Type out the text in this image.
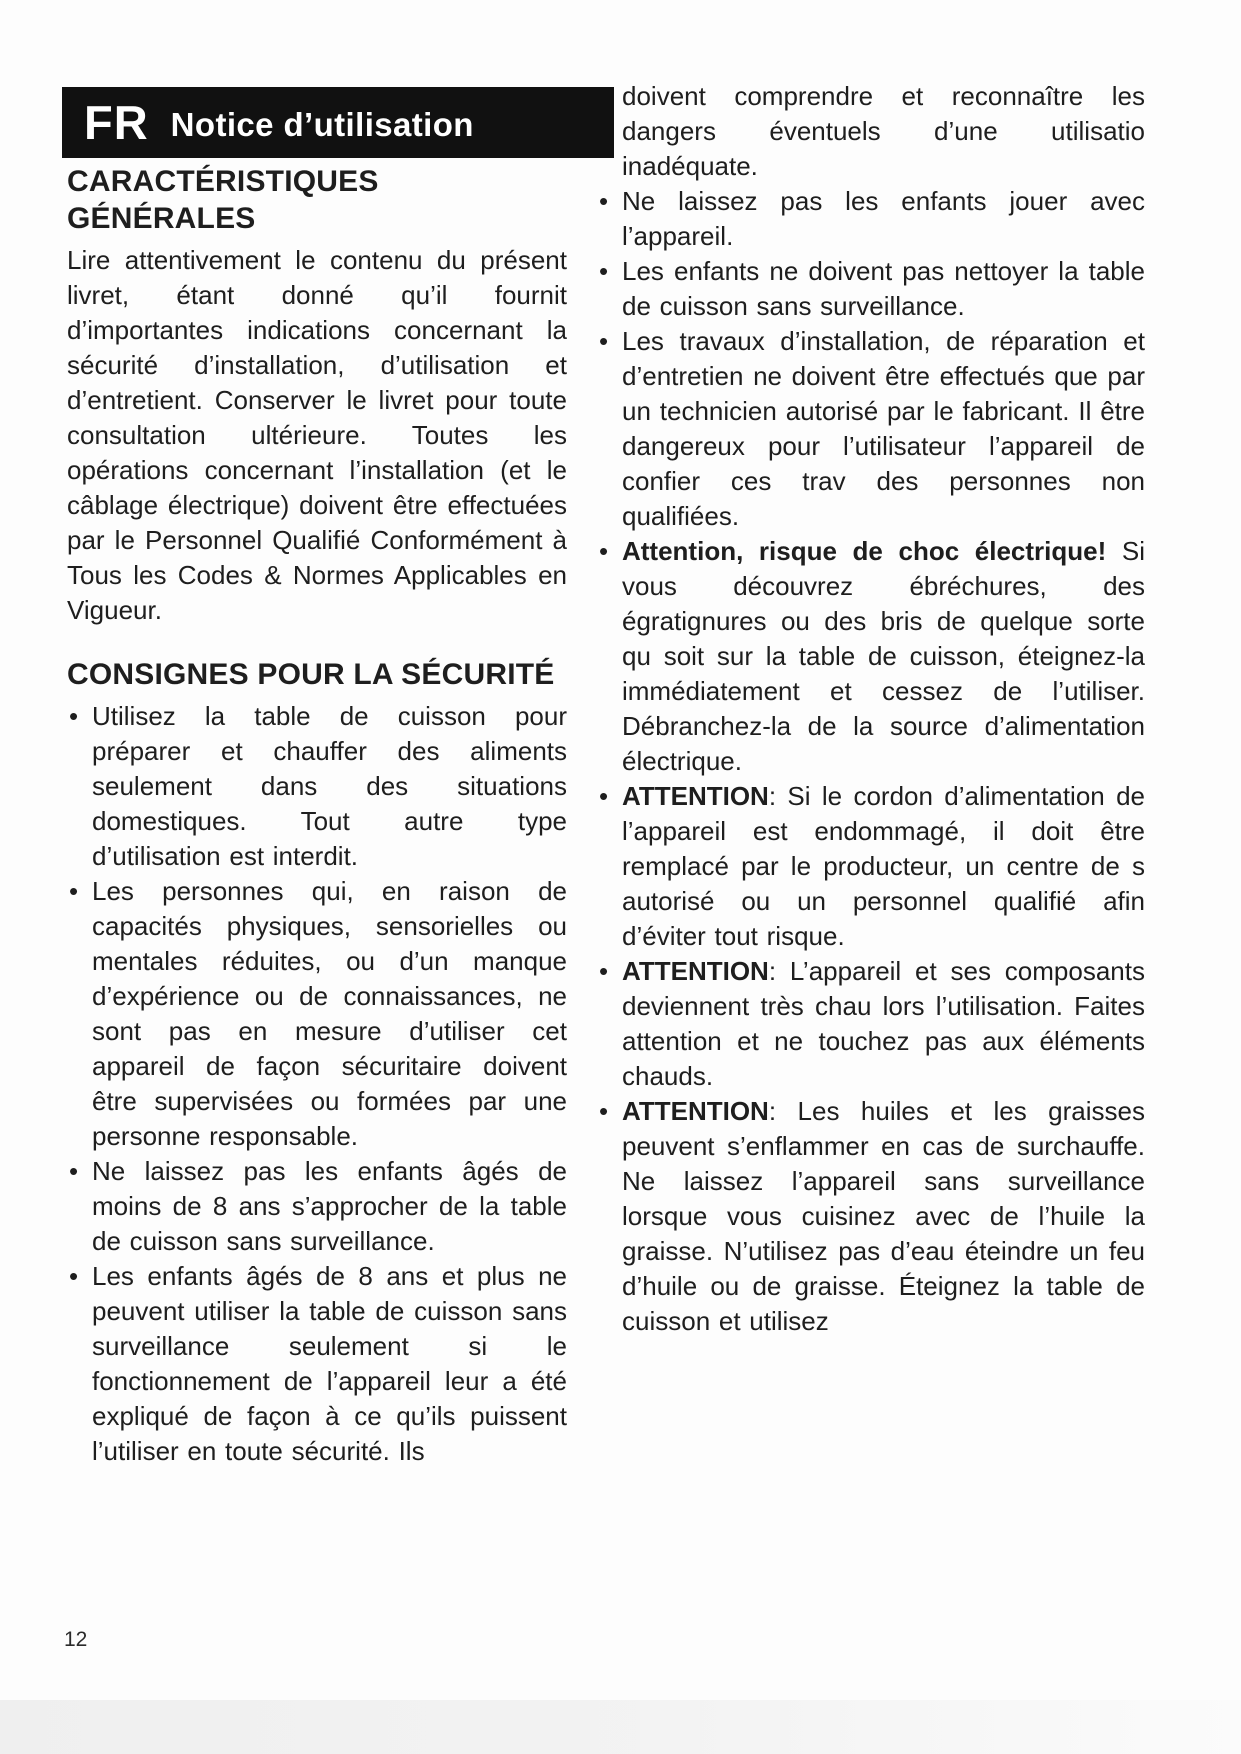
FR Notice d’utilisation
CARACTÉRISTIQUES GÉNÉRALES
Lire attentivement le contenu du présent livret, étant donné qu’il fournit d’importantes indications concernant la sécurité d’installation, d’utilisation et d’entretient. Conserver le livret pour toute consultation ultérieure. Toutes les opérations concernant l’installation (et le câblage électrique) doivent être effectuées par le Personnel Qualifié Conformément à Tous les Codes & Normes Applicables en Vigueur.
CONSIGNES POUR LA SÉCURITÉ
• Utilisez la table de cuisson pour préparer et chauffer des aliments seulement dans des situations domestiques. Tout autre type d’utilisation est interdit.
• Les personnes qui, en raison de capacités physiques, sensorielles ou mentales réduites, ou d’un manque d’expérience ou de connaissances, ne sont pas en mesure d’utiliser cet appareil de façon sécuritaire doivent être supervisées ou formées par une personne responsable.
• Ne laissez pas les enfants âgés de moins de 8 ans s’approcher de la table de cuisson sans surveillance.
• Les enfants âgés de 8 ans et plus ne peuvent utiliser la table de cuisson sans surveillance seulement si le fonctionnement de l’appareil leur a été expliqué de façon à ce qu’ils puissent l’utiliser en toute sécurité. Ils
doivent comprendre et reconnaître les dangers éventuels d’une utilisatio inadéquate.
• Ne laissez pas les enfants jouer avec l’appareil.
• Les enfants ne doivent pas nettoyer la table de cuisson sans surveillance.
• Les travaux d’installation, de réparation et d’entretien ne doivent être effectués que par un technicien autorisé par le fabricant. Il être dangereux pour l’utilisateur l’appareil de confier ces trav des personnes non qualifiées.
• Attention, risque de choc électrique! Si vous découvrez ébréchures, des égratignures ou des bris de quelque sorte qu soit sur la table de cuisson, éteignez-la immédiatement et cessez de l’utiliser. Débranchez-la de la source d’alimentation électrique.
• ATTENTION: Si le cordon d’alimentation de l’appareil est endommagé, il doit être remplacé par le producteur, un centre de s autorisé ou un personnel qualifié afin d’éviter tout risque.
• ATTENTION: L’appareil et ses composants deviennent très chau lors l’utilisation. Faites attention et ne touchez pas aux éléments chauds.
• ATTENTION: Les huiles et les graisses peuvent s’enflammer en cas de surchauffe. Ne laissez l’appareil sans surveillance lorsque vous cuisinez avec de l’huile la graisse. N’utilisez pas d’eau éteindre un feu d’huile ou de graisse. Éteignez la table de cuisson et utilisez
12
